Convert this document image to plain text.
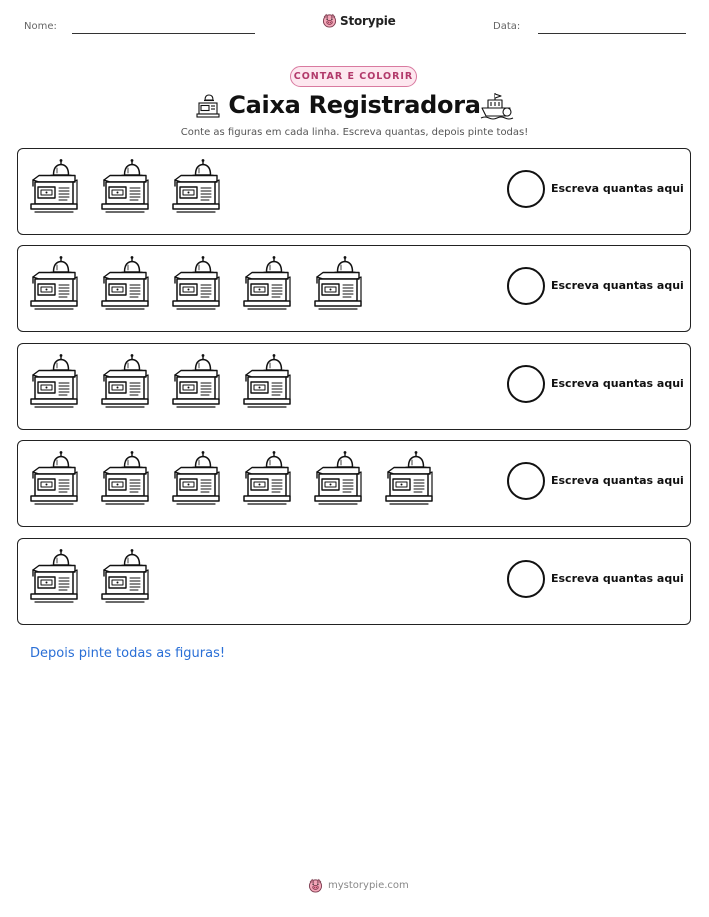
Nome:	Storypie	Data:
CONTAR E COLORIR
Caixa Registradora
Conte as figuras em cada linha. Escreva quantas, depois pinte todas!
Escreva quantas aqui
Escreva quantas aqui
Escreva quantas aqui
Escreva quantas aqui
Escreva quantas aqui
Depois pinte todas as figuras!
mystorypie.com
